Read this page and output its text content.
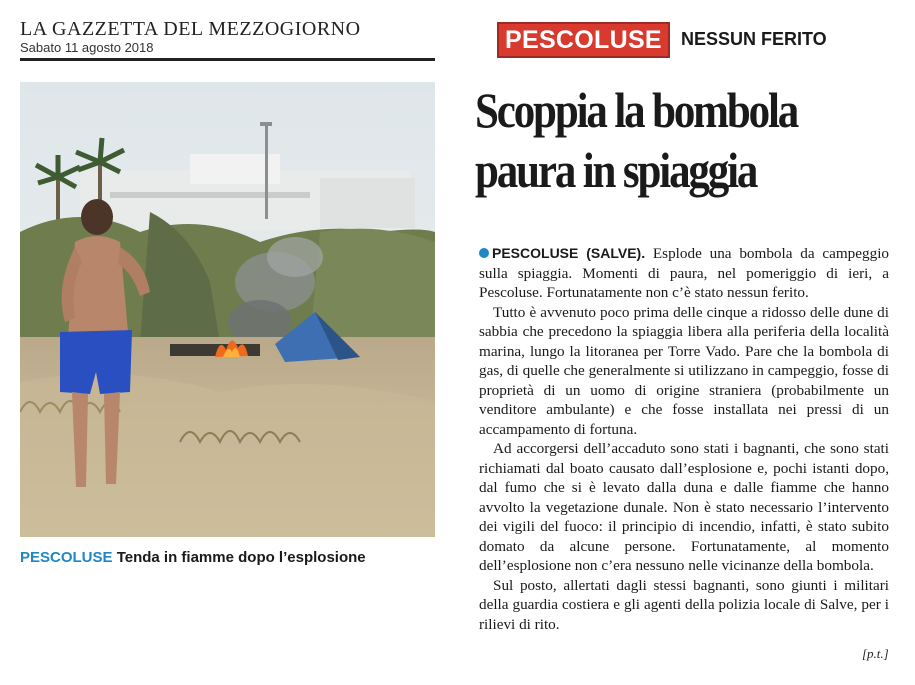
LA GAZZETTA DEL MEZZOGIORNO
Sabato 11 agosto 2018
PESCOLUSE Tenda in fiamme dopo l’esplosione
PESCOLUSE NESSUN FERITO
Scoppia la bombola
paura in spiaggia

PESCOLUSE (SALVE). Esplode una bombola da campeggio sulla spiaggia. Momenti di paura, nel pomeriggio di ieri, a Pescoluse. Fortunatamente non c’è stato nessun ferito.

Tutto è avvenuto poco prima delle cinque a ridosso delle dune di sabbia che precedono la spiaggia libera alla periferia della località marina, lungo la litoranea per Torre Vado. Pare che la bombola di gas, di quelle che generalmente si utilizzano in campeggio, fosse di proprietà di un uomo di origine straniera (probabilmente un venditore ambulante) e che fosse installata nei pressi di un accampamento di fortuna.

Ad accorgersi dell’accaduto sono stati i bagnanti, che sono stati richiamati dal boato causato dall’esplosione e, pochi istanti dopo, dal fumo che si è levato dalla duna e dalle fiamme che hanno avvolto la vegetazione dunale. Non è stato necessario l’intervento dei vigili del fuoco: il principio di incendio, infatti, è stato subito domato da alcune persone. Fortunatamente, al momento dell’esplosione non c’era nessuno nelle vicinanze della bombola.

Sul posto, allertati dagli stessi bagnanti, sono giunti i militari della guardia costiera e gli agenti della polizia locale di Salve, per i rilievi di rito.

[p.t.]
